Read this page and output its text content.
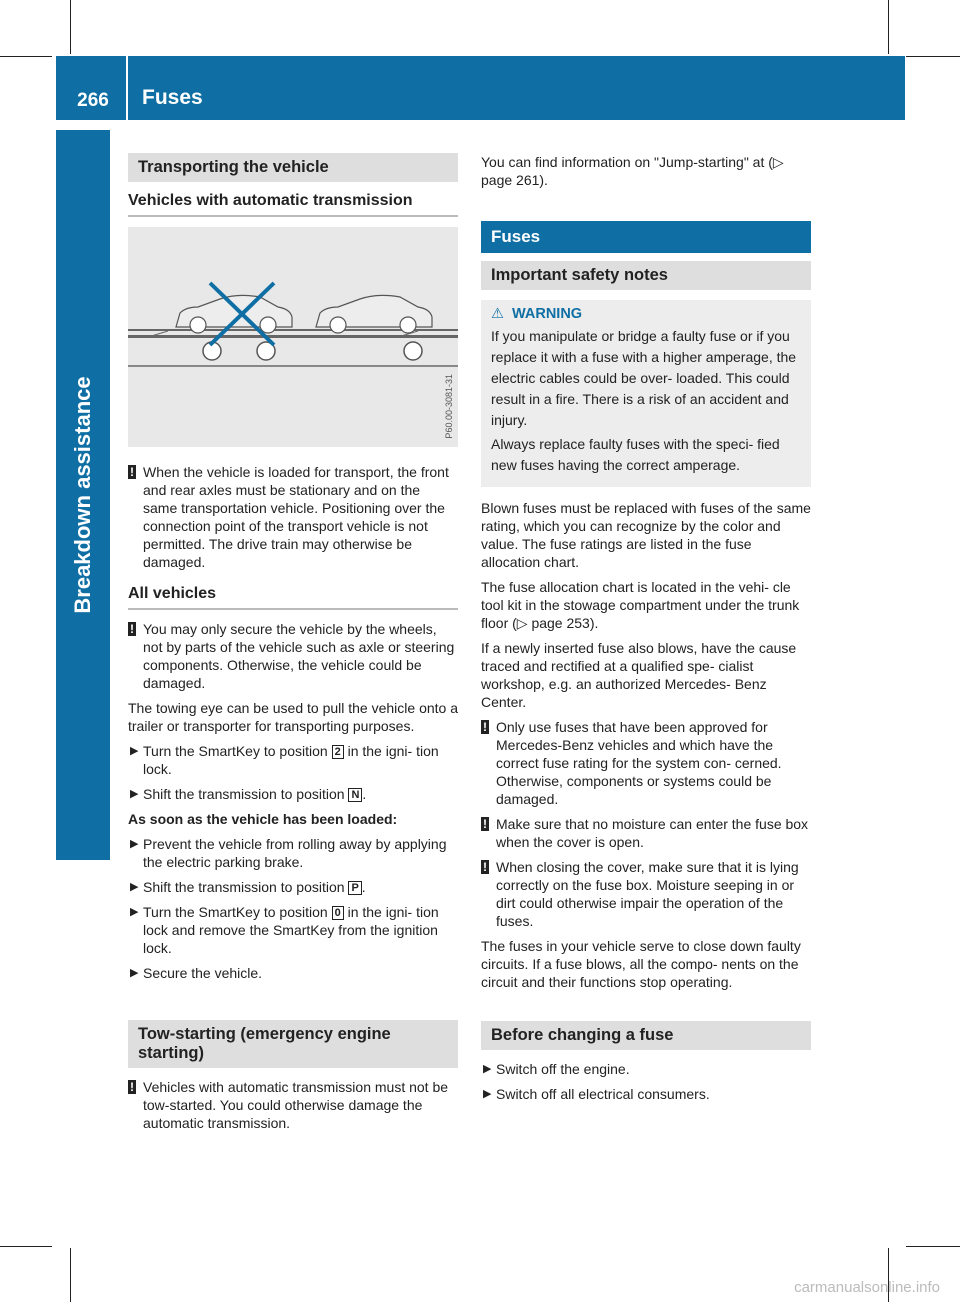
266	Fuses
Breakdown assistance
Transporting the vehicle
Vehicles with automatic transmission
P60.00-3081-31

! When the vehicle is loaded for transport, the front and rear axles must be stationary and on the same transportation vehicle. Positioning over the connection point of the transport vehicle is not permitted. The drive train may otherwise be damaged.

All vehicles

! You may only secure the vehicle by the wheels, not by parts of the vehicle such as axle or steering components. Otherwise, the vehicle could be damaged.

The towing eye can be used to pull the vehicle onto a trailer or transporter for transporting purposes.

▶ Turn the SmartKey to position 2 in the igni- tion lock.

▶ Shift the transmission to position N .

As soon as the vehicle has been loaded:

▶ Prevent the vehicle from rolling away by applying the electric parking brake.

▶ Shift the transmission to position P .

▶ Turn the SmartKey to position 0 in the igni- tion lock and remove the SmartKey from the ignition lock.

▶ Secure the vehicle.

Tow-starting (emergency engine starting)

! Vehicles with automatic transmission must not be tow-started. You could otherwise damage the automatic transmission.

You can find information on "Jump-starting" at (▷ page 261).

Fuses
Important safety notes
⚠ WARNING

If you manipulate or bridge a faulty fuse or if you replace it with a fuse with a higher amperage, the electric cables could be over- loaded. This could result in a fire. There is a risk of an accident and injury.

Always replace faulty fuses with the speci- fied new fuses having the correct amperage.

Blown fuses must be replaced with fuses of the same rating, which you can recognize by the color and value. The fuse ratings are listed in the fuse allocation chart.

The fuse allocation chart is located in the vehi- cle tool kit in the stowage compartment under the trunk floor (▷ page 253).

If a newly inserted fuse also blows, have the cause traced and rectified at a qualified spe- cialist workshop, e.g. an authorized Mercedes- Benz Center.

! Only use fuses that have been approved for Mercedes-Benz vehicles and which have the correct fuse rating for the system con- cerned. Otherwise, components or systems could be damaged.

! Make sure that no moisture can enter the fuse box when the cover is open.

! When closing the cover, make sure that it is lying correctly on the fuse box. Moisture seeping in or dirt could otherwise impair the operation of the fuses.

The fuses in your vehicle serve to close down faulty circuits. If a fuse blows, all the compo- nents on the circuit and their functions stop operating.

Before changing a fuse

▶ Switch off the engine.

▶ Switch off all electrical consumers.

carmanualsonline.info
